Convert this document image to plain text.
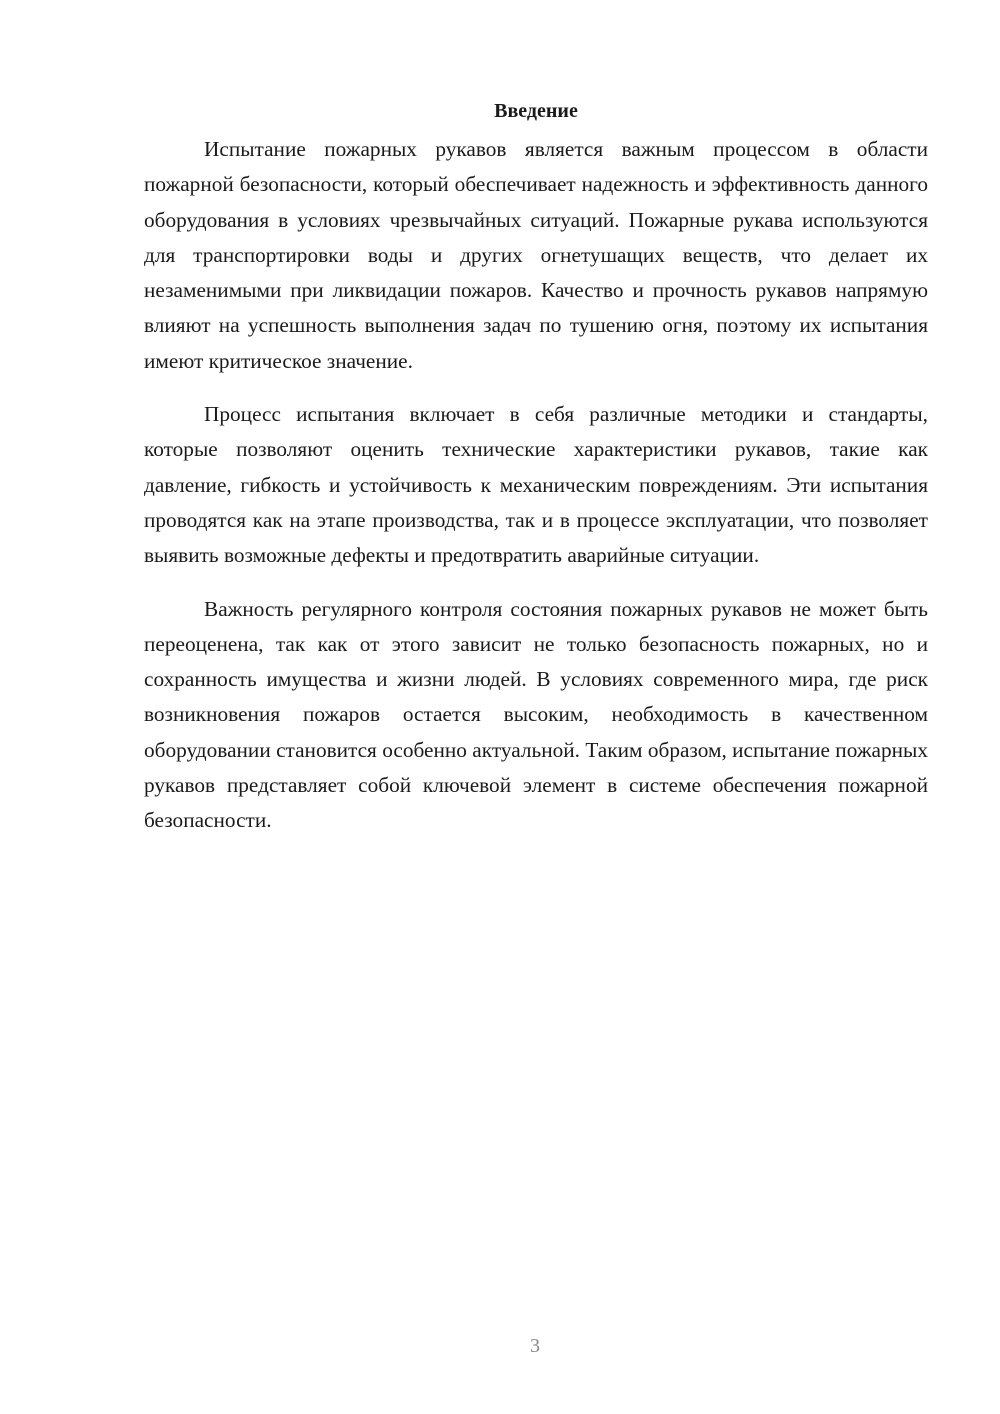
Введение

Испытание пожарных рукавов является важным процессом в области пожарной безопасности, который обеспечивает надежность и эффективность данного оборудования в условиях чрезвычайных ситуаций. Пожарные рукава используются для транспортировки воды и других огнетушащих веществ, что делает их незаменимыми при ликвидации пожаров. Качество и прочность рукавов напрямую влияют на успешность выполнения задач по тушению огня, поэтому их испытания имеют критическое значение.

Процесс испытания включает в себя различные методики и стандарты, которые позволяют оценить технические характеристики рукавов, такие как давление, гибкость и устойчивость к механическим повреждениям. Эти испытания проводятся как на этапе производства, так и в процессе эксплуатации, что позволяет выявить возможные дефекты и предотвратить аварийные ситуации.

Важность регулярного контроля состояния пожарных рукавов не может быть переоценена, так как от этого зависит не только безопасность пожарных, но и сохранность имущества и жизни людей. В условиях современного мира, где риск возникновения пожаров остается высоким, необходимость в качественном оборудовании становится особенно актуальной. Таким образом, испытание пожарных рукавов представляет собой ключевой элемент в системе обеспечения пожарной безопасности.

3
